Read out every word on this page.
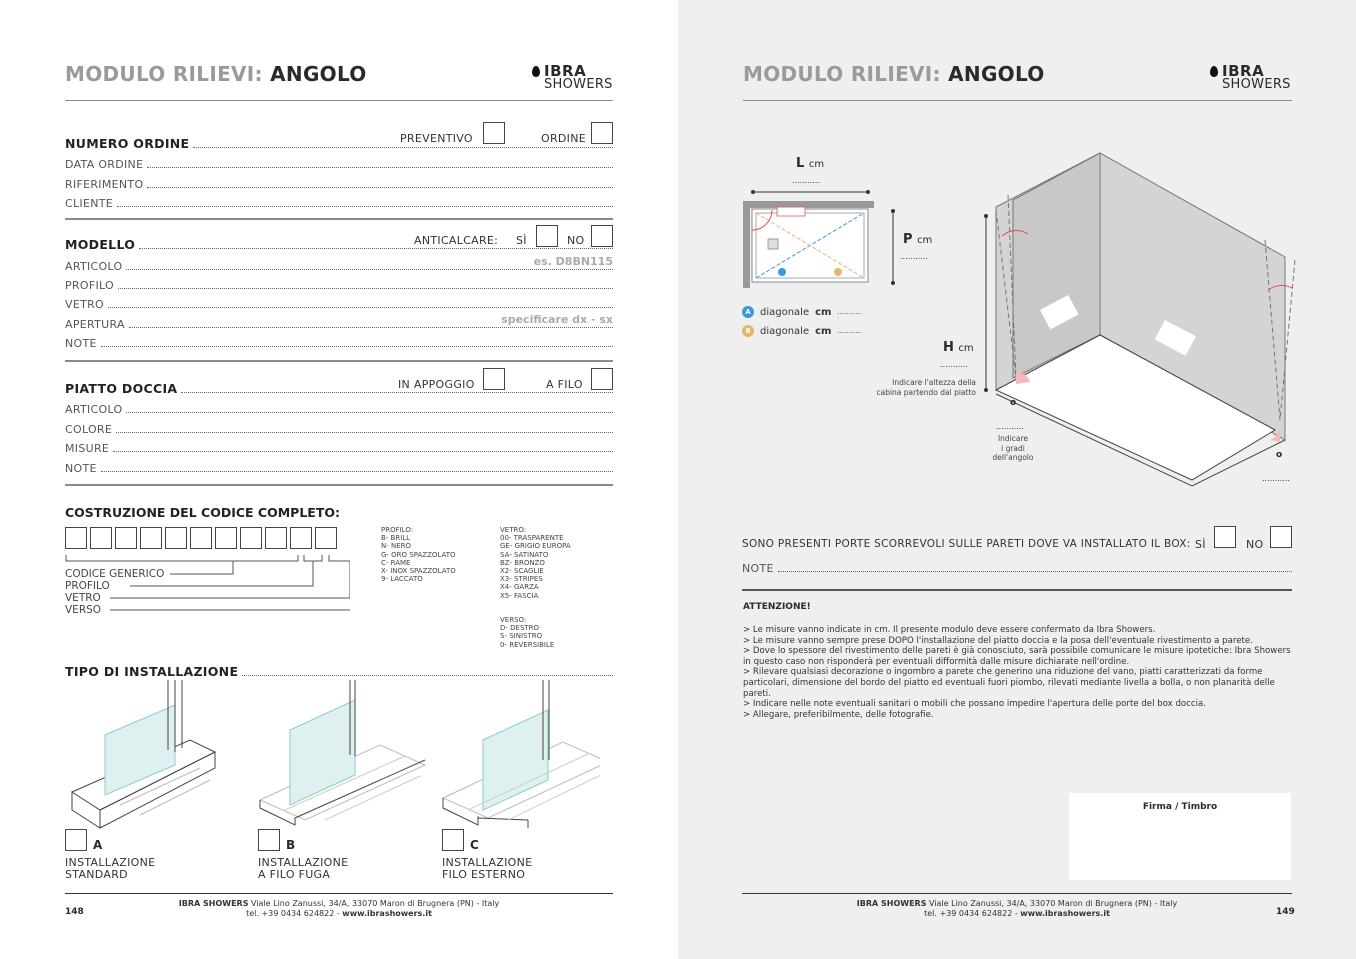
MODULO RILIEVI: ANGOLO	IBRA
SHOWERS
NUMERO ORDINE	PREVENTIVO	ORDINE
DATA ORDINE
RIFERIMENTO
CLIENTE
MODELLO	ANTICALCARE:	SÌ	NO
ARTICOLO	es. D8BN115
PROFILO
VETRO
APERTURA	specificare dx - sx
NOTE
PIATTO DOCCIA	IN APPOGGIO	A FILO
ARTICOLO
COLORE
MISURE
NOTE
COSTRUZIONE DEL CODICE COMPLETO:
CODICE GENERICO
PROFILO
VETRO
VERSO
PROFILO:
B- BRILL
N- NERO
G- ORO SPAZZOLATO
C- RAME
X- INOX SPAZZOLATO
9- LACCATO
VETRO:
00- TRASPARENTE
GE- GRIGIO EUROPA
SA- SATINATO
BZ- BRONZO
X2- SCAGLIE
X3- STRIPES
X4- GARZA
X5- FASCIA
VERSO:
D- DESTRO
S- SINISTRO
0- REVERSIBILE
TIPO DI INSTALLAZIONE
A
INSTALLAZIONE
STANDARD
B
INSTALLAZIONE
A FILO FUGA
C
INSTALLAZIONE
FILO ESTERNO
148
IBRA SHOWERS Viale Lino Zanussi, 34/A, 33070 Maron di Brugnera (PN) - Italy
tel. +39 0434 624822 - www.ibrashowers.it
MODULO RILIEVI: ANGOLO	IBRA
SHOWERS
L cm
...........
P cm
...........
H cm
...........
Indicare l'altezza della
cabina partendo dal piatto
o
o
...........
...........
Indicare
i gradi
dell'angolo
A diagonale cm ...........
B diagonale cm ...........
SONO PRESENTI PORTE SCORREVOLI SULLE PARETI DOVE VA INSTALLATO IL BOX: SÌ	NO
NOTE
ATTENZIONE!
> Le misure vanno indicate in cm. Il presente modulo deve essere confermato da Ibra Showers.
> Le misure vanno sempre prese DOPO l'installazione del piatto doccia e la posa dell'eventuale rivestimento a parete.
> Dove lo spessore del rivestimento delle pareti è già conosciuto, sarà possibile comunicare le misure ipotetiche: Ibra Showers in questo caso non risponderà per eventuali difformità dalle misure dichiarate nell'ordine.
> Rilevare qualsiasi decorazione o ingombro a parete che generino una riduzione del vano, piatti caratterizzati da forme particolari, dimensione del bordo del piatto ed eventuali fuori piombo, rilevati mediante livella a bolla, o non planarità delle pareti.
> Indicare nelle note eventuali sanitari o mobili che possano impedire l'apertura delle porte del box doccia.
> Allegare, preferibilmente, delle fotografie.
Firma / Timbro
149
IBRA SHOWERS Viale Lino Zanussi, 34/A, 33070 Maron di Brugnera (PN) - Italy
tel. +39 0434 624822 - www.ibrashowers.it
